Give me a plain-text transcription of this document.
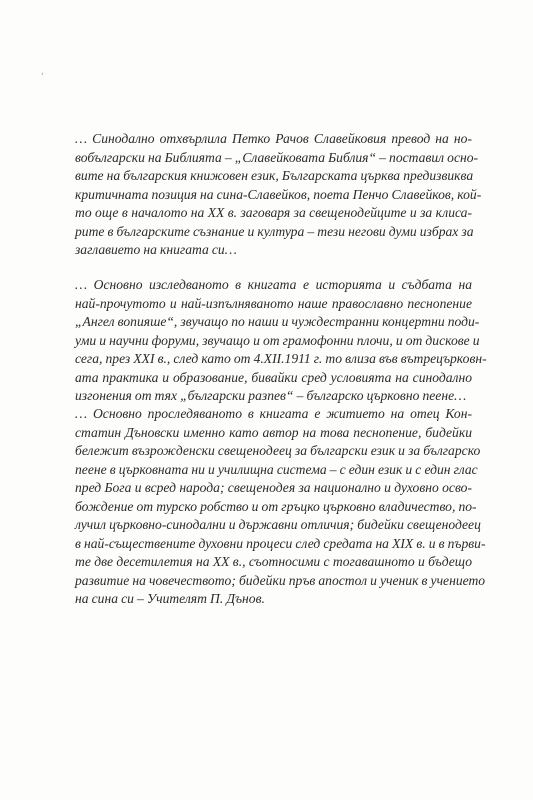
‹
… Синодално отхвърлила Петко Рачов Славейковия превод на но-
вобългарски на Библията – „Славейковата Библия“ – поставил осно-
вите на българския книжовен език, Българската църква предизвиква
критичната позиция на сина-Славейков, поета Пенчо Славейков, кой-
то още в началото на ХХ в. заговаря за свещенодейците и за клиса-
рите в българските съзнание и култура – тези негови думи избрах за
заглавието на книгата си…
… Основно изследваното в книгата е историята и съдбата на
най-прочутото и най-изпълняваното наше православно песнопение
„Ангел вопияше“, звучащо по наши и чуждестранни концертни поди-
уми и научни форуми, звучащо и от грамофонни плочи, и от дискове и
сега, през ХХI в., след като от 4.ХII.1911 г. то влиза във вътрецърковн-
ата практика и образование, бивайки сред условията на синодално
изгонения от тях „български разпев“ – българско църковно пеене…
… Основно проследяваното в книгата е житието на отец Кон-
статин Дъновски именно като автор на това песнопение, бидейки
бележит възрожденски свещенодеец за български език и за българско
пеене в църковната ни и училищна система – с един език и с един глас
пред Бога и всред народа; свещенодея за национално и духовно осво-
бождение от турско робство и от гръцко църковно владичество, по-
лучил църковно-синодални и държавни отличия; бидейки свещенодеец
в най-съществените духовни процеси след средата на ХIХ в. и в първи-
те две десетилетия на ХХ в., съотносими с тогавашното и бъдещо
развитие на човечеството; бидейки пръв апостол и ученик в учението
на сина си – Учителят П. Дънов.
